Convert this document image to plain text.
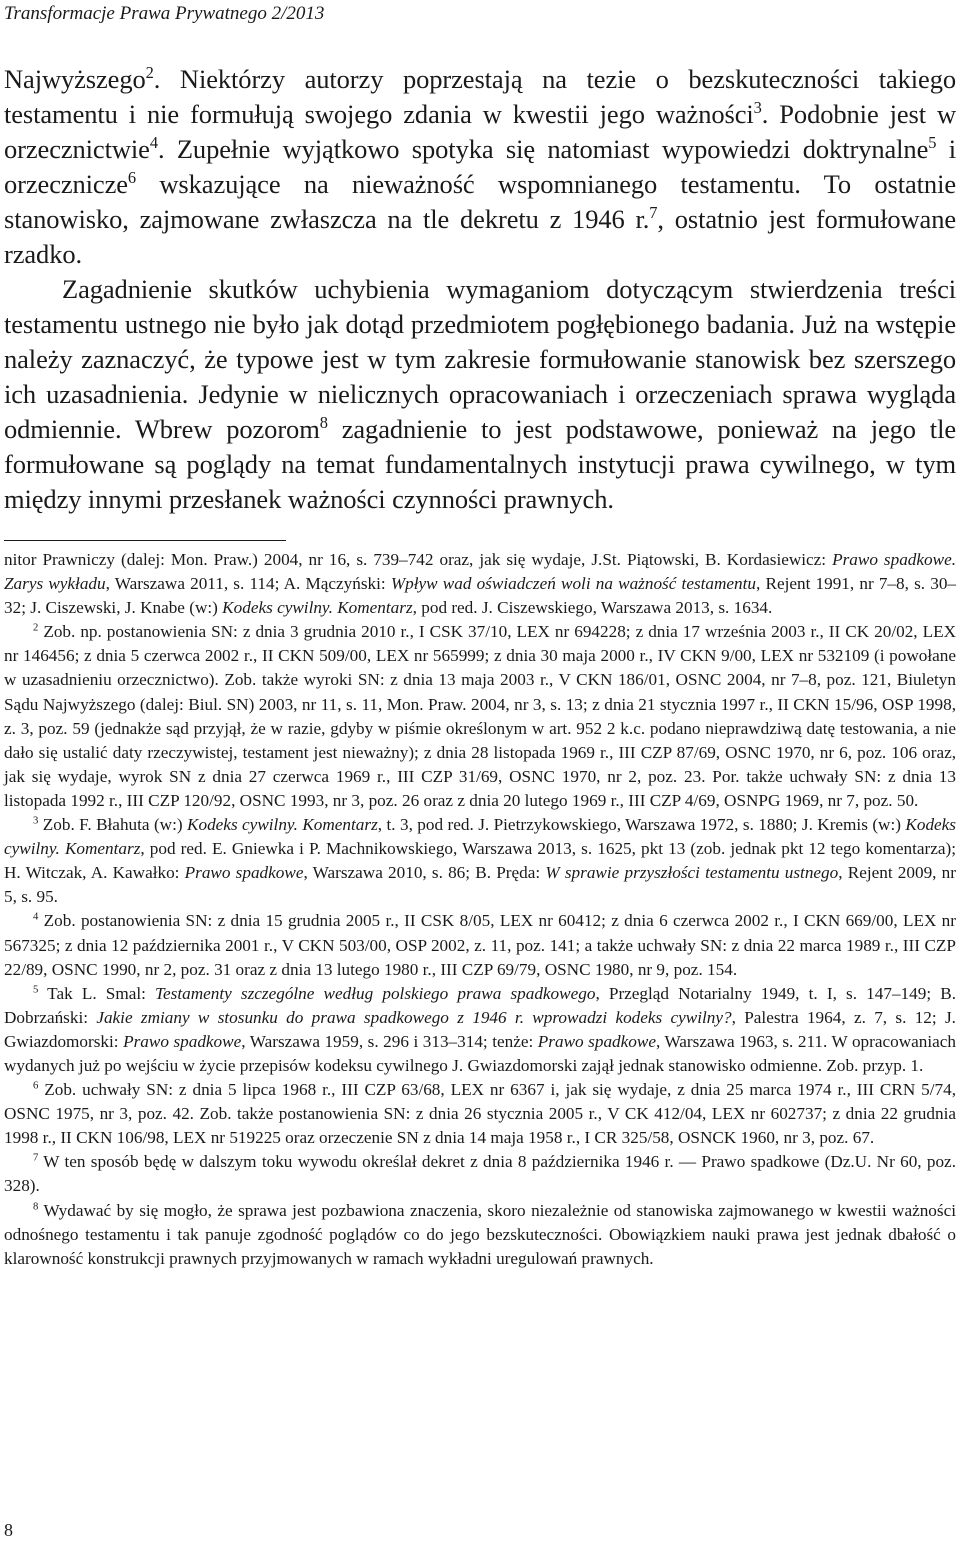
Transformacje Prawa Prywatnego 2/2013

Najwyższego$^2$. Niektórzy autorzy poprzestają na tezie o bezskuteczności takiego testamentu i nie formułują swojego zdania w kwestii jego ważności$^3$. Podobnie jest w orzecznictwie$^4$. Zupełnie wyjątkowo spotyka się natomiast wypowiedzi doktrynalne$^5$ i orzecznicze$^6$ wskazujące na nieważność wspomnianego testamentu. To ostatnie stanowisko, zajmowane zwłaszcza na tle dekretu z 1946 r.$^7$, ostatnio jest formułowane rzadko.

Zagadnienie skutków uchybienia wymaganiom dotyczącym stwierdzenia treści testamentu ustnego nie było jak dotąd przedmiotem pogłębionego badania. Już na wstępie należy zaznaczyć, że typowe jest w tym zakresie formułowanie stanowisk bez szerszego ich uzasadnienia. Jedynie w nielicznych opracowaniach i orzeczeniach sprawa wygląda odmiennie. Wbrew pozorom$^8$ zagadnienie to jest podstawowe, ponieważ na jego tle formułowane są poglądy na temat fundamentalnych instytucji prawa cywilnego, w tym między innymi przesłanek ważności czynności prawnych.

nitor Prawniczy (dalej: Mon. Praw.) 2004, nr 16, s. 739–742 oraz, jak się wydaje, J.St. Piątowski, B. Kordasiewicz: Prawo spadkowe. Zarys wykładu, Warszawa 2011, s. 114; A. Mączyński: Wpływ wad oświadczeń woli na ważność testamentu, Rejent 1991, nr 7–8, s. 30–32; J. Ciszewski, J. Knabe (w:) Kodeks cywilny. Komentarz, pod red. J. Ciszewskiego, Warszawa 2013, s. 1634.

$^2$ Zob. np. postanowienia SN: z dnia 3 grudnia 2010 r., I CSK 37/10, LEX nr 694228; z dnia 17 września 2003 r., II CK 20/02, LEX nr 146456; z dnia 5 czerwca 2002 r., II CKN 509/00, LEX nr 565999; z dnia 30 maja 2000 r., IV CKN 9/00, LEX nr 532109 (i powołane w uzasadnieniu orzecznictwo). Zob. także wyroki SN: z dnia 13 maja 2003 r., V CKN 186/01, OSNC 2004, nr 7–8, poz. 121, Biuletyn Sądu Najwyższego (dalej: Biul. SN) 2003, nr 11, s. 11, Mon. Praw. 2004, nr 3, s. 13; z dnia 21 stycznia 1997 r., II CKN 15/96, OSP 1998, z. 3, poz. 59 (jednakże sąd przyjął, że w razie, gdyby w piśmie określonym w art. 952 2 k.c. podano nieprawdziwą datę testowania, a nie dało się ustalić daty rzeczywistej, testament jest nieważny); z dnia 28 listopada 1969 r., III CZP 87/69, OSNC 1970, nr 6, poz. 106 oraz, jak się wydaje, wyrok SN z dnia 27 czerwca 1969 r., III CZP 31/69, OSNC 1970, nr 2, poz. 23. Por. także uchwały SN: z dnia 13 listopada 1992 r., III CZP 120/92, OSNC 1993, nr 3, poz. 26 oraz z dnia 20 lutego 1969 r., III CZP 4/69, OSNPG 1969, nr 7, poz. 50.

$^3$ Zob. F. Błahuta (w:) Kodeks cywilny. Komentarz, t. 3, pod red. J. Pietrzykowskiego, Warszawa 1972, s. 1880; J. Kremis (w:) Kodeks cywilny. Komentarz, pod red. E. Gniewka i P. Machnikowskiego, Warszawa 2013, s. 1625, pkt 13 (zob. jednak pkt 12 tego komentarza); H. Witczak, A. Kawałko: Prawo spadkowe, Warszawa 2010, s. 86; B. Pręda: W sprawie przyszłości testamentu ustnego, Rejent 2009, nr 5, s. 95.

$^4$ Zob. postanowienia SN: z dnia 15 grudnia 2005 r., II CSK 8/05, LEX nr 60412; z dnia 6 czerwca 2002 r., I CKN 669/00, LEX nr 567325; z dnia 12 października 2001 r., V CKN 503/00, OSP 2002, z. 11, poz. 141; a także uchwały SN: z dnia 22 marca 1989 r., III CZP 22/89, OSNC 1990, nr 2, poz. 31 oraz z dnia 13 lutego 1980 r., III CZP 69/79, OSNC 1980, nr 9, poz. 154.

$^5$ Tak L. Smal: Testamenty szczególne według polskiego prawa spadkowego, Przegląd Notarialny 1949, t. I, s. 147–149; B. Dobrzański: Jakie zmiany w stosunku do prawa spadkowego z 1946 r. wprowadzi kodeks cywilny?, Palestra 1964, z. 7, s. 12; J. Gwiazdomorski: Prawo spadkowe, Warszawa 1959, s. 296 i 313–314; tenże: Prawo spadkowe, Warszawa 1963, s. 211. W opracowaniach wydanych już po wejściu w życie przepisów kodeksu cywilnego J. Gwiazdomorski zajął jednak stanowisko odmienne. Zob. przyp. 1.

$^6$ Zob. uchwały SN: z dnia 5 lipca 1968 r., III CZP 63/68, LEX nr 6367 i, jak się wydaje, z dnia 25 marca 1974 r., III CRN 5/74, OSNC 1975, nr 3, poz. 42. Zob. także postanowienia SN: z dnia 26 stycznia 2005 r., V CK 412/04, LEX nr 602737; z dnia 22 grudnia 1998 r., II CKN 106/98, LEX nr 519225 oraz orzeczenie SN z dnia 14 maja 1958 r., I CR 325/58, OSNCK 1960, nr 3, poz. 67.

$^7$ W ten sposób będę w dalszym toku wywodu określał dekret z dnia 8 października 1946 r. — Prawo spadkowe (Dz.U. Nr 60, poz. 328).

$^8$ Wydawać by się mogło, że sprawa jest pozbawiona znaczenia, skoro niezależnie od stanowiska zajmowanego w kwestii ważności odnośnego testamentu i tak panuje zgodność poglądów co do jego bezskuteczności. Obowiązkiem nauki prawa jest jednak dbałość o klarowność konstrukcji prawnych przyjmowanych w ramach wykładni uregulowań prawnych.

8
